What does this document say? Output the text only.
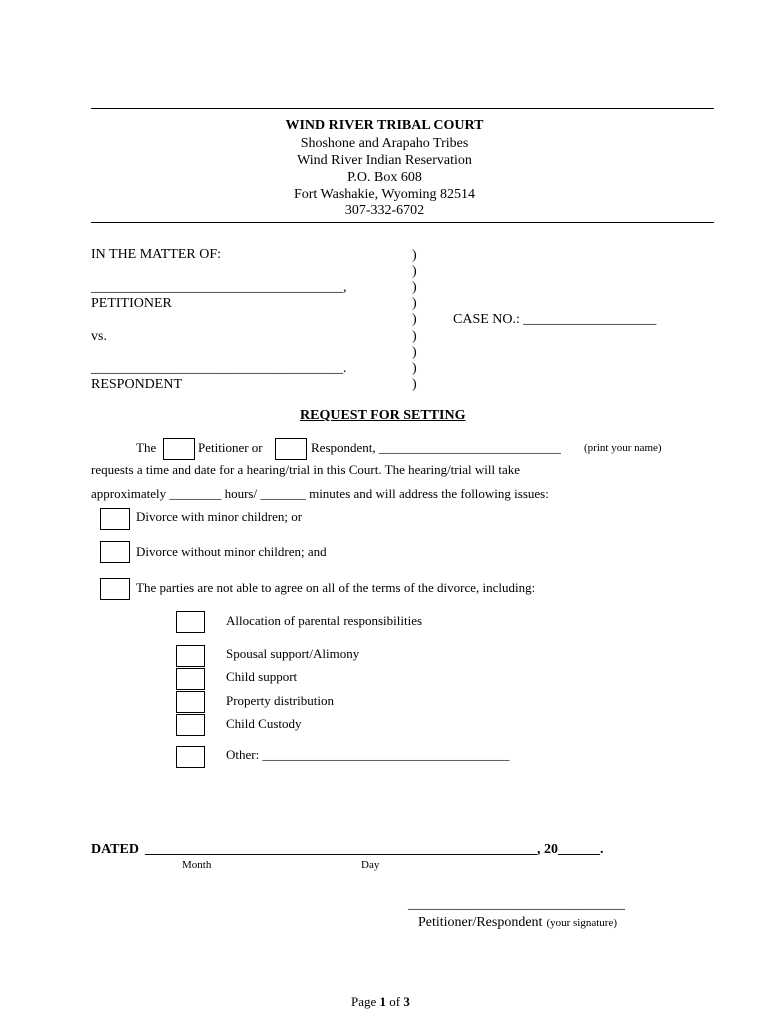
WIND RIVER TRIBAL COURT
Shoshone and Arapaho Tribes
Wind River Indian Reservation
P.O. Box 608
Fort Washakie, Wyoming 82514
307-332-6702
IN THE MATTER OF:
____________________________________,
PETITIONER
vs.
____________________________________.
RESPONDENT
)
)
)
)
)
)
)
)
)
CASE NO.: ___________________
REQUEST FOR SETTING
The	Petitioner or	Respondent, ____________________________ (print your name)
requests a time and date for a hearing/trial in this Court. The hearing/trial will take
approximately ________ hours/ _______ minutes and will address the following issues:
Divorce with minor children; or
Divorce without minor children; and
The parties are not able to agree on all of the terms of the divorce, including:
Allocation of parental responsibilities
Spousal support/Alimony
Child support
Property distribution
Child Custody
Other: ______________________________________
DATED ________________________________________________________, 20______.
Month	Day
_______________________________
Petitioner/Respondent (your signature)
Page 1 of 3
